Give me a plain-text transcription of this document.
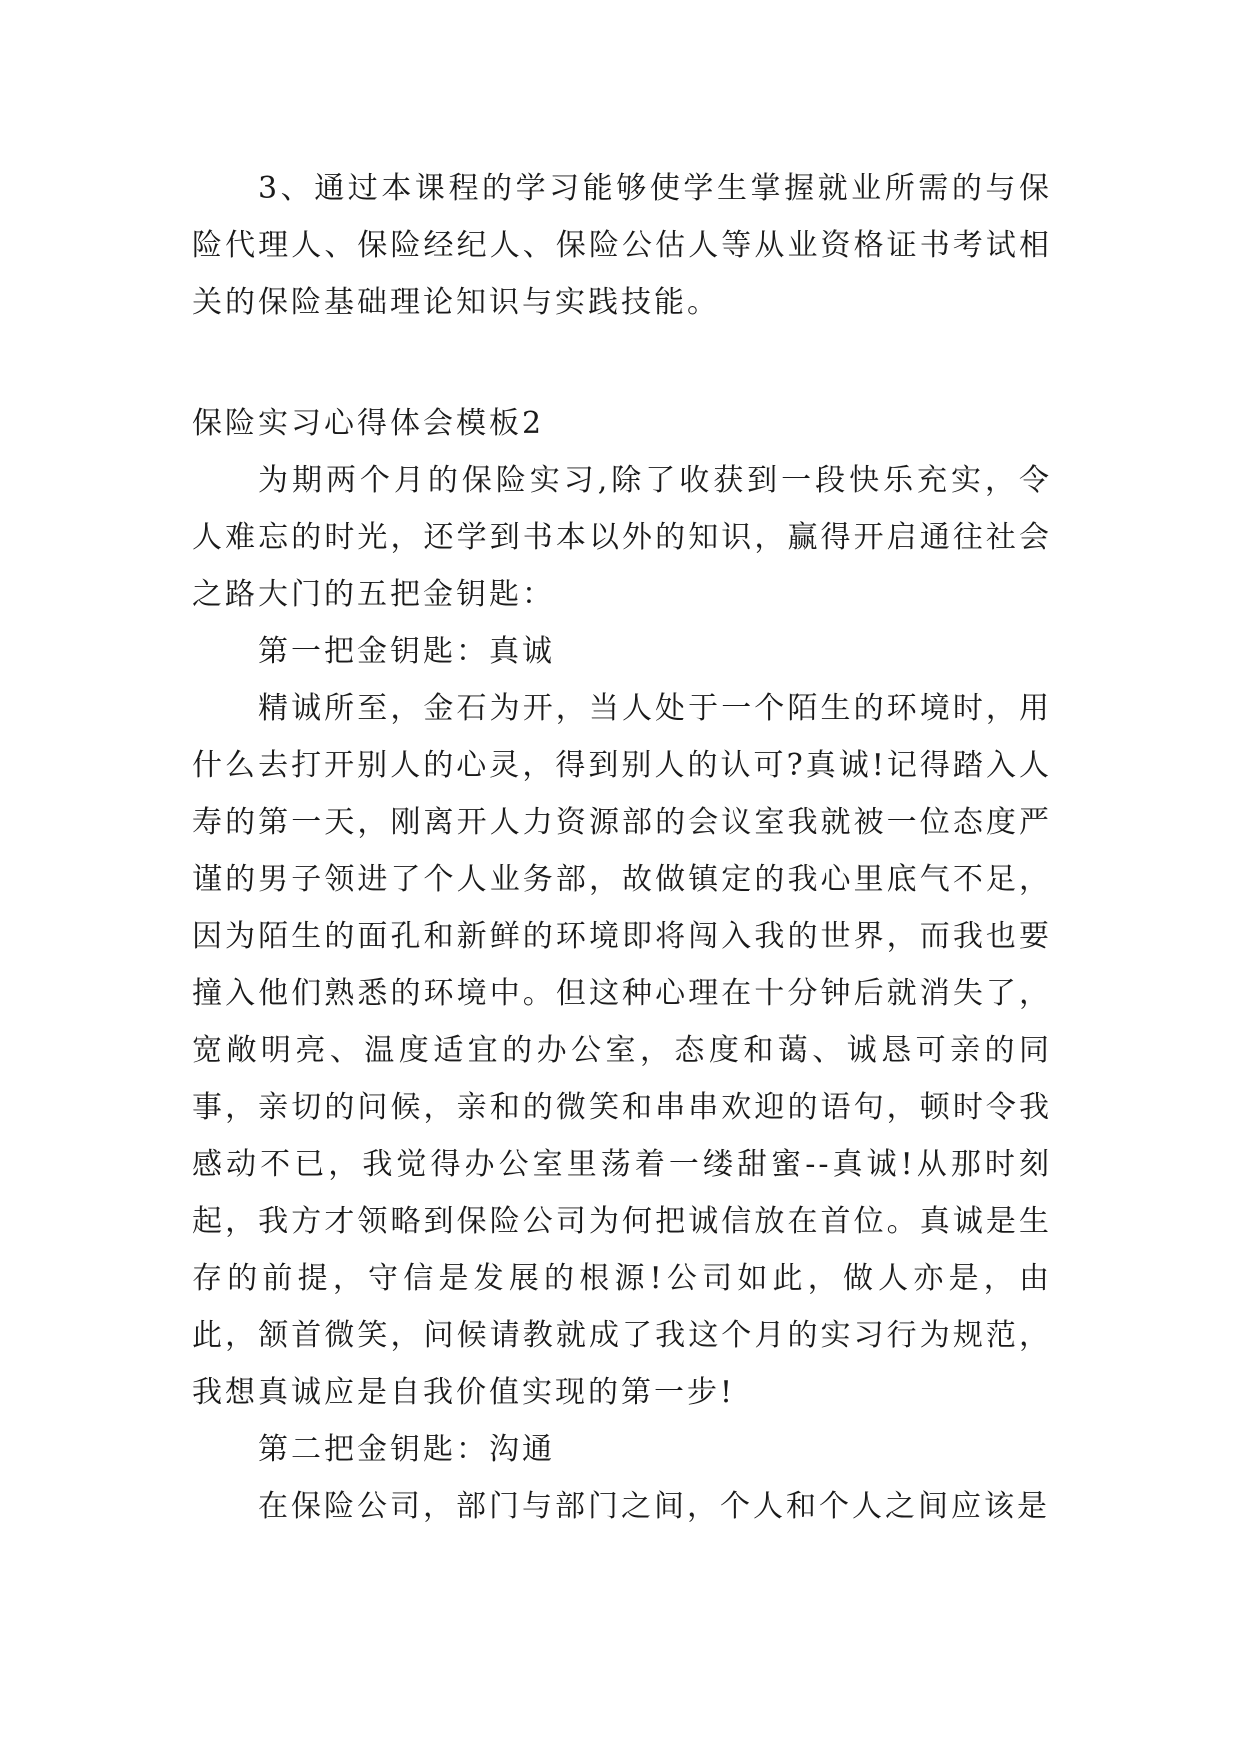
3、通过本课程的学习能够使学生掌握就业所需的与保险代理人、保险经纪人、保险公估人等从业资格证书考试相关的保险基础理论知识与实践技能。

保险实习心得体会模板2

为期两个月的保险实习,除了收获到一段快乐充实，令人难忘的时光，还学到书本以外的知识，赢得开启通往社会之路大门的五把金钥匙：

第一把金钥匙：真诚

精诚所至，金石为开，当人处于一个陌生的环境时，用什么去打开别人的心灵，得到别人的认可?真诚!记得踏入人寿的第一天，刚离开人力资源部的会议室我就被一位态度严谨的男子领进了个人业务部，故做镇定的我心里底气不足，因为陌生的面孔和新鲜的环境即将闯入我的世界，而我也要撞入他们熟悉的环境中。但这种心理在十分钟后就消失了，宽敞明亮、温度适宜的办公室，态度和蔼、诚恳可亲的同事，亲切的问候，亲和的微笑和串串欢迎的语句，顿时令我感动不已，我觉得办公室里荡着一缕甜蜜--真诚!从那时刻起，我方才领略到保险公司为何把诚信放在首位。真诚是生存的前提，守信是发展的根源!公司如此，做人亦是，由此，颔首微笑，问候请教就成了我这个月的实习行为规范，我想真诚应是自我价值实现的第一步!

第二把金钥匙：沟通

在保险公司，部门与部门之间，个人和个人之间应该是
